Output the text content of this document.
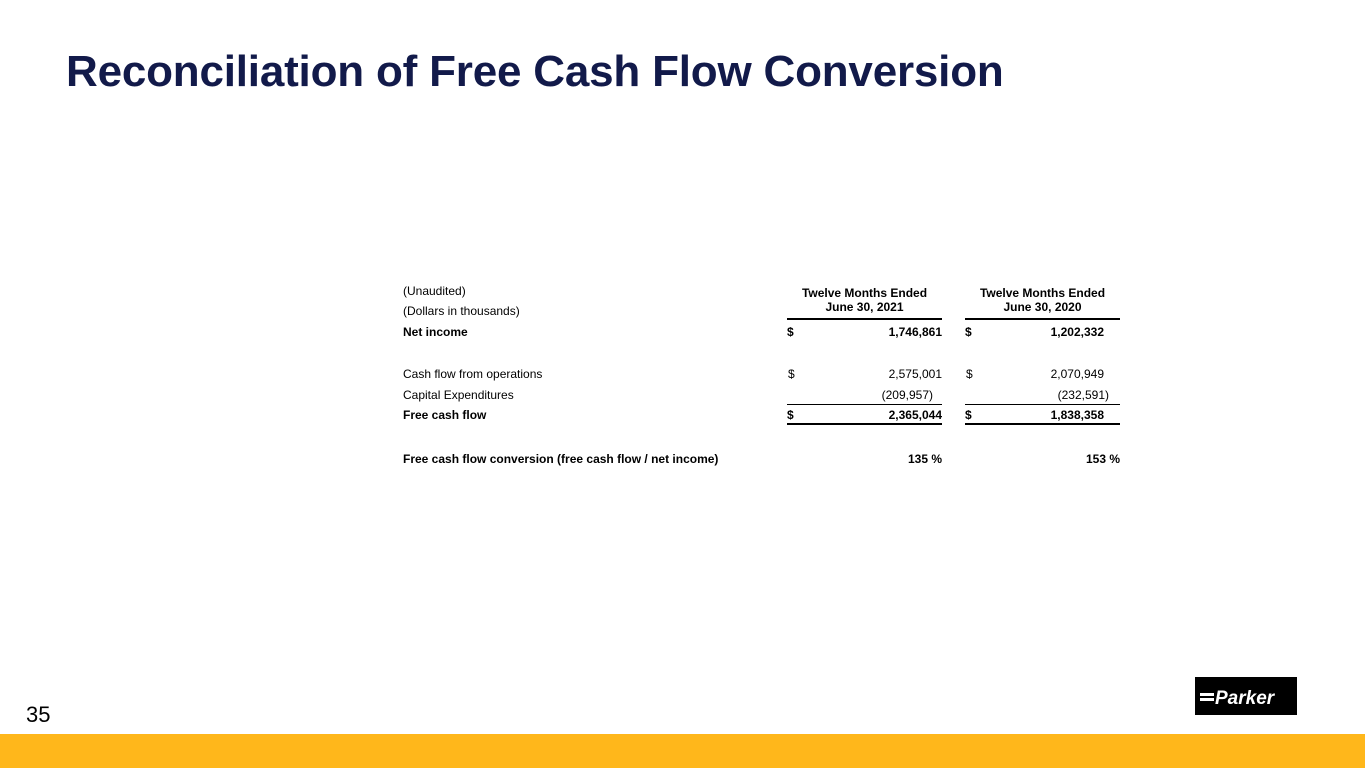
Reconciliation of Free Cash Flow Conversion
(Unaudited)
(Dollars in thousands)
Twelve Months Ended
June 30, 2021
Twelve Months Ended
June 30, 2020
Net income	$	1,746,861 $	1,202,332
Cash flow from operations	$	2,575,001 $	2,070,949
Capital Expenditures	(209,957)	(232,591)
Free cash flow	$	2,365,044 $	1,838,358
Free cash flow conversion (free cash flow / net income)	135 %	153 %
35
Parker
